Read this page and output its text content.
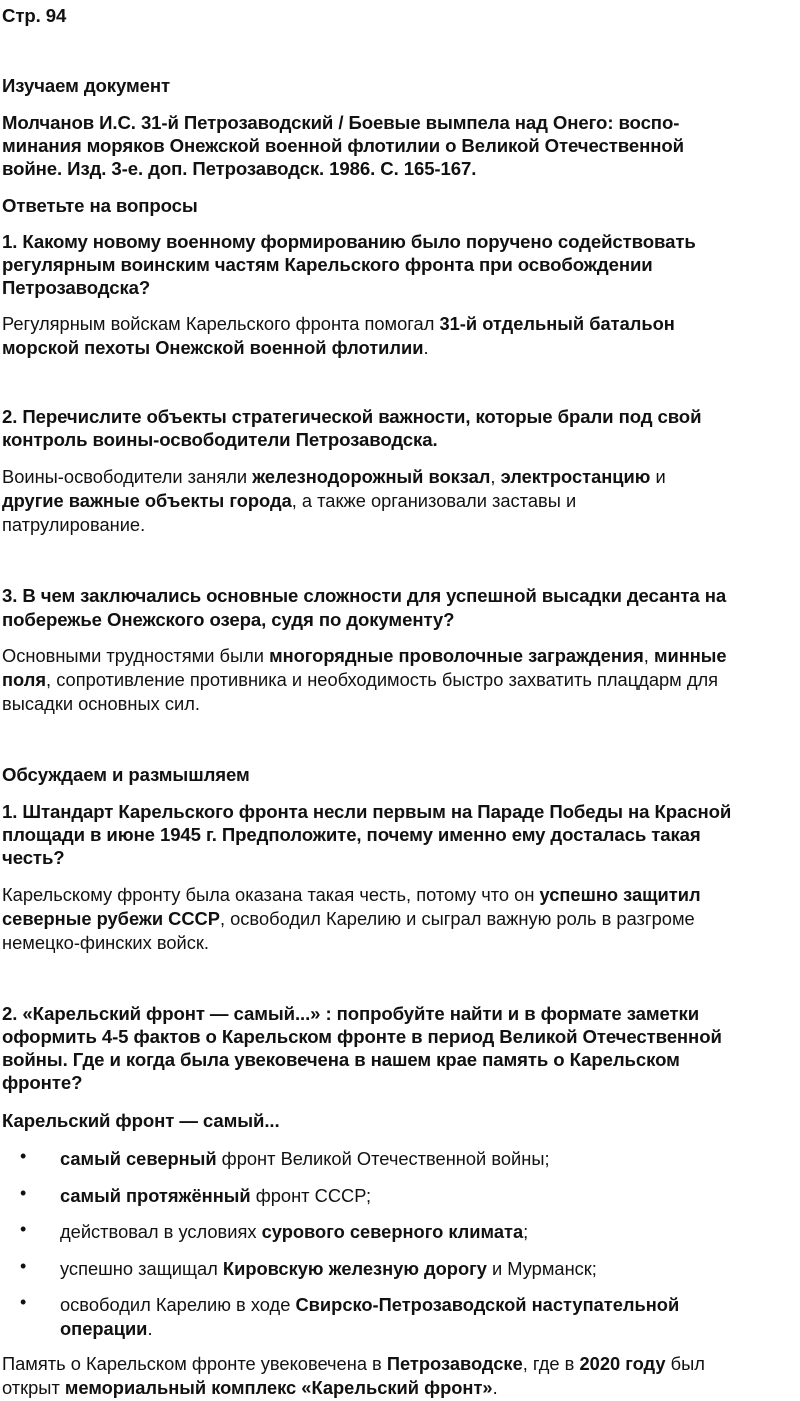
Стр. 94
Изучаем документ
Молчанов И.С. 31-й Петрозаводский / Боевые вымпела над Онего: воспо-
минания моряков Онежской военной флотилии о Великой Отечественной
войне. Изд. 3-е. доп. Петрозаводск. 1986. С. 165-167.
Ответьте на вопросы
1. Какому новому военному формированию было поручено содействовать
регулярным воинским частям Карельского фронта при освобождении
Петрозаводска?
Регулярным войскам Карельского фронта помогал 31-й отдельный батальон
морской пехоты Онежской военной флотилии.
2. Перечислите объекты стратегической важности, которые брали под свой
контроль воины-освободители Петрозаводска.
Воины-освободители заняли железнодорожный вокзал, электростанцию и
другие важные объекты города, а также организовали заставы и
патрулирование.
3. В чем заключались основные сложности для успешной высадки десанта на
побережье Онежского озера, судя по документу?
Основными трудностями были многорядные проволочные заграждения, минные
поля, сопротивление противника и необходимость быстро захватить плацдарм для
высадки основных сил.
Обсуждаем и размышляем
1. Штандарт Карельского фронта несли первым на Параде Победы на Красной
площади в июне 1945 г. Предположите, почему именно ему досталась такая
честь?
Карельскому фронту была оказана такая честь, потому что он успешно защитил
северные рубежи СССР, освободил Карелию и сыграл важную роль в разгроме
немецко-финских войск.
2. «Карельский фронт — самый...» : попробуйте найти и в формате заметки
оформить 4-5 фактов о Карельском фронте в период Великой Отечественной
войны. Где и когда была увековечена в нашем крае память о Карельском
фронте?
Карельский фронт — самый...
• самый северный фронт Великой Отечественной войны;
• самый протяжённый фронт СССР;
• действовал в условиях сурового северного климата;
• успешно защищал Кировскую железную дорогу и Мурманск;
• освободил Карелию в ходе Свирско-Петрозаводской наступательной
операции.
Память о Карельском фронте увековечена в Петрозаводске, где в 2020 году был
открыт мемориальный комплекс «Карельский фронт».
